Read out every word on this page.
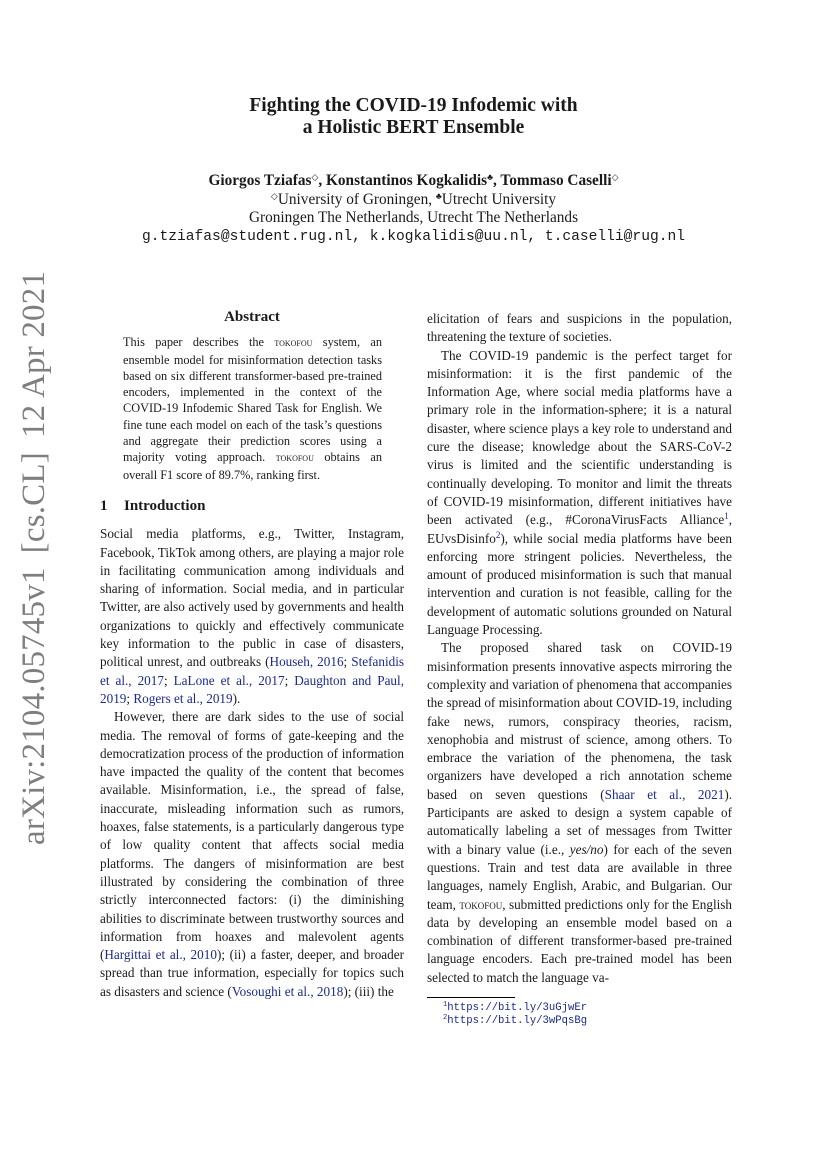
arXiv:2104.05745v1[cs.CL]12 Apr 2021
Fighting the COVID-19 Infodemic with
a Holistic BERT Ensemble
Giorgos Tziafas◇, Konstantinos Kogkalidis♣, Tommaso Caselli◇
◇University of Groningen, ♣Utrecht University
Groningen The Netherlands, Utrecht The Netherlands
g.tziafas@student.rug.nl, k.kogkalidis@uu.nl, t.caselli@rug.nl
Abstract
This paper describes the tokofou system, an ensemble model for misinformation detection tasks based on six different transformer-based pre-trained encoders, implemented in the context of the COVID-19 Infodemic Shared Task for English. We fine tune each model on each of the task’s questions and aggregate their prediction scores using a majority voting approach. tokofou obtains an overall F1 score of 89.7%, ranking first.
1 Introduction

Social media platforms, e.g., Twitter, Instagram, Facebook, TikTok among others, are playing a major role in facilitating communication among individuals and sharing of information. Social media, and in particular Twitter, are also actively used by governments and health organizations to quickly and effectively communicate key information to the public in case of disasters, political unrest, and outbreaks (Househ, 2016; Stefanidis et al., 2017; LaLone et al., 2017; Daughton and Paul, 2019; Rogers et al., 2019).

However, there are dark sides to the use of social media. The removal of forms of gate-keeping and the democratization process of the production of information have impacted the quality of the content that becomes available. Misinformation, i.e., the spread of false, inaccurate, misleading information such as rumors, hoaxes, false statements, is a particularly dangerous type of low quality content that affects social media platforms. The dangers of misinformation are best illustrated by considering the combination of three strictly interconnected factors: (i) the diminishing abilities to discriminate between trustworthy sources and information from hoaxes and malevolent agents (Hargittai et al., 2010); (ii) a faster, deeper, and broader spread than true information, especially for topics such as disasters and science (Vosoughi et al., 2018); (iii) the

elicitation of fears and suspicions in the population, threatening the texture of societies.

The COVID-19 pandemic is the perfect target for misinformation: it is the first pandemic of the Information Age, where social media platforms have a primary role in the information-sphere; it is a natural disaster, where science plays a key role to understand and cure the disease; knowledge about the SARS-CoV-2 virus is limited and the scientific understanding is continually developing. To monitor and limit the threats of COVID-19 misinformation, different initiatives have been activated (e.g., #CoronaVirusFacts Alliance$^1$, EUvsDisinfo$^2$), while social media platforms have been enforcing more stringent policies. Nevertheless, the amount of produced misinformation is such that manual intervention and curation is not feasible, calling for the development of automatic solutions grounded on Natural Language Processing.

The proposed shared task on COVID-19 misinformation presents innovative aspects mirroring the complexity and variation of phenomena that accompanies the spread of misinformation about COVID-19, including fake news, rumors, conspiracy theories, racism, xenophobia and mistrust of science, among others. To embrace the variation of the phenomena, the task organizers have developed a rich annotation scheme based on seven questions (Shaar et al., 2021). Participants are asked to design a system capable of automatically labeling a set of messages from Twitter with a binary value (i.e., yes/no) for each of the seven questions. Train and test data are available in three languages, namely English, Arabic, and Bulgarian. Our team, tokofou, submitted predictions only for the English data by developing an ensemble model based on a combination of different transformer-based pre-trained language encoders. Each pre-trained model has been selected to match the language va-

$^1$https://bit.ly/3uGjwEr
$^2$https://bit.ly/3wPqsBg
